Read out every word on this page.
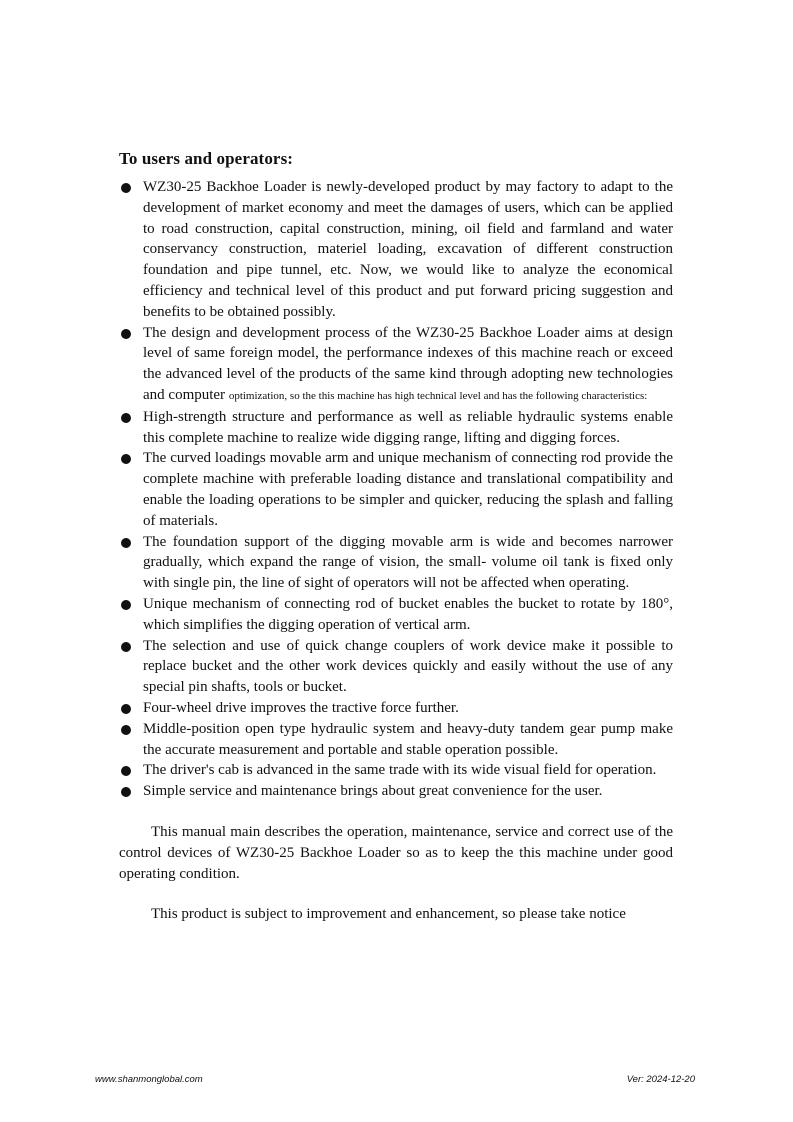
To users and operators:
WZ30-25 Backhoe Loader is newly-developed product by may factory to adapt to the development of market economy and meet the damages of users, which can be applied to road construction, capital construction, mining, oil field and farmland and water conservancy construction, materiel loading, excavation of different construction foundation and pipe tunnel, etc. Now, we would like to analyze the economical efficiency and technical level of this product and put forward pricing suggestion and benefits to be obtained possibly.
The design and development process of the WZ30-25 Backhoe Loader aims at design level of same foreign model, the performance indexes of this machine reach or exceed the advanced level of the products of the same kind through adopting new technologies and computer optimization, so the this machine has high technical level and has the following characteristics:
High-strength structure and performance as well as reliable hydraulic systems enable this complete machine to realize wide digging range, lifting and digging forces.
The curved loadings movable arm and unique mechanism of connecting rod provide the complete machine with preferable loading distance and translational compatibility and enable the loading operations to be simpler and quicker, reducing the splash and falling of materials.
The foundation support of the digging movable arm is wide and becomes narrower gradually, which expand the range of vision, the small- volume oil tank is fixed only with single pin, the line of sight of operators will not be affected when operating.
Unique mechanism of connecting rod of bucket enables the bucket to rotate by 180°, which simplifies the digging operation of vertical arm.
The selection and use of quick change couplers of work device make it possible to replace bucket and the other work devices quickly and easily without the use of any special pin shafts, tools or bucket.
Four-wheel drive improves the tractive force further.
Middle-position open type hydraulic system and heavy-duty tandem gear pump make the accurate measurement and portable and stable operation possible.
The driver's cab is advanced in the same trade with its wide visual field for operation.
Simple service and maintenance brings about great convenience for the user.

This manual main describes the operation, maintenance, service and correct use of the control devices of WZ30-25 Backhoe Loader so as to keep the this machine under good operating condition.

This product is subject to improvement and enhancement, so please take notice

www.shanmonglobal.com	Ver: 2024-12-20
